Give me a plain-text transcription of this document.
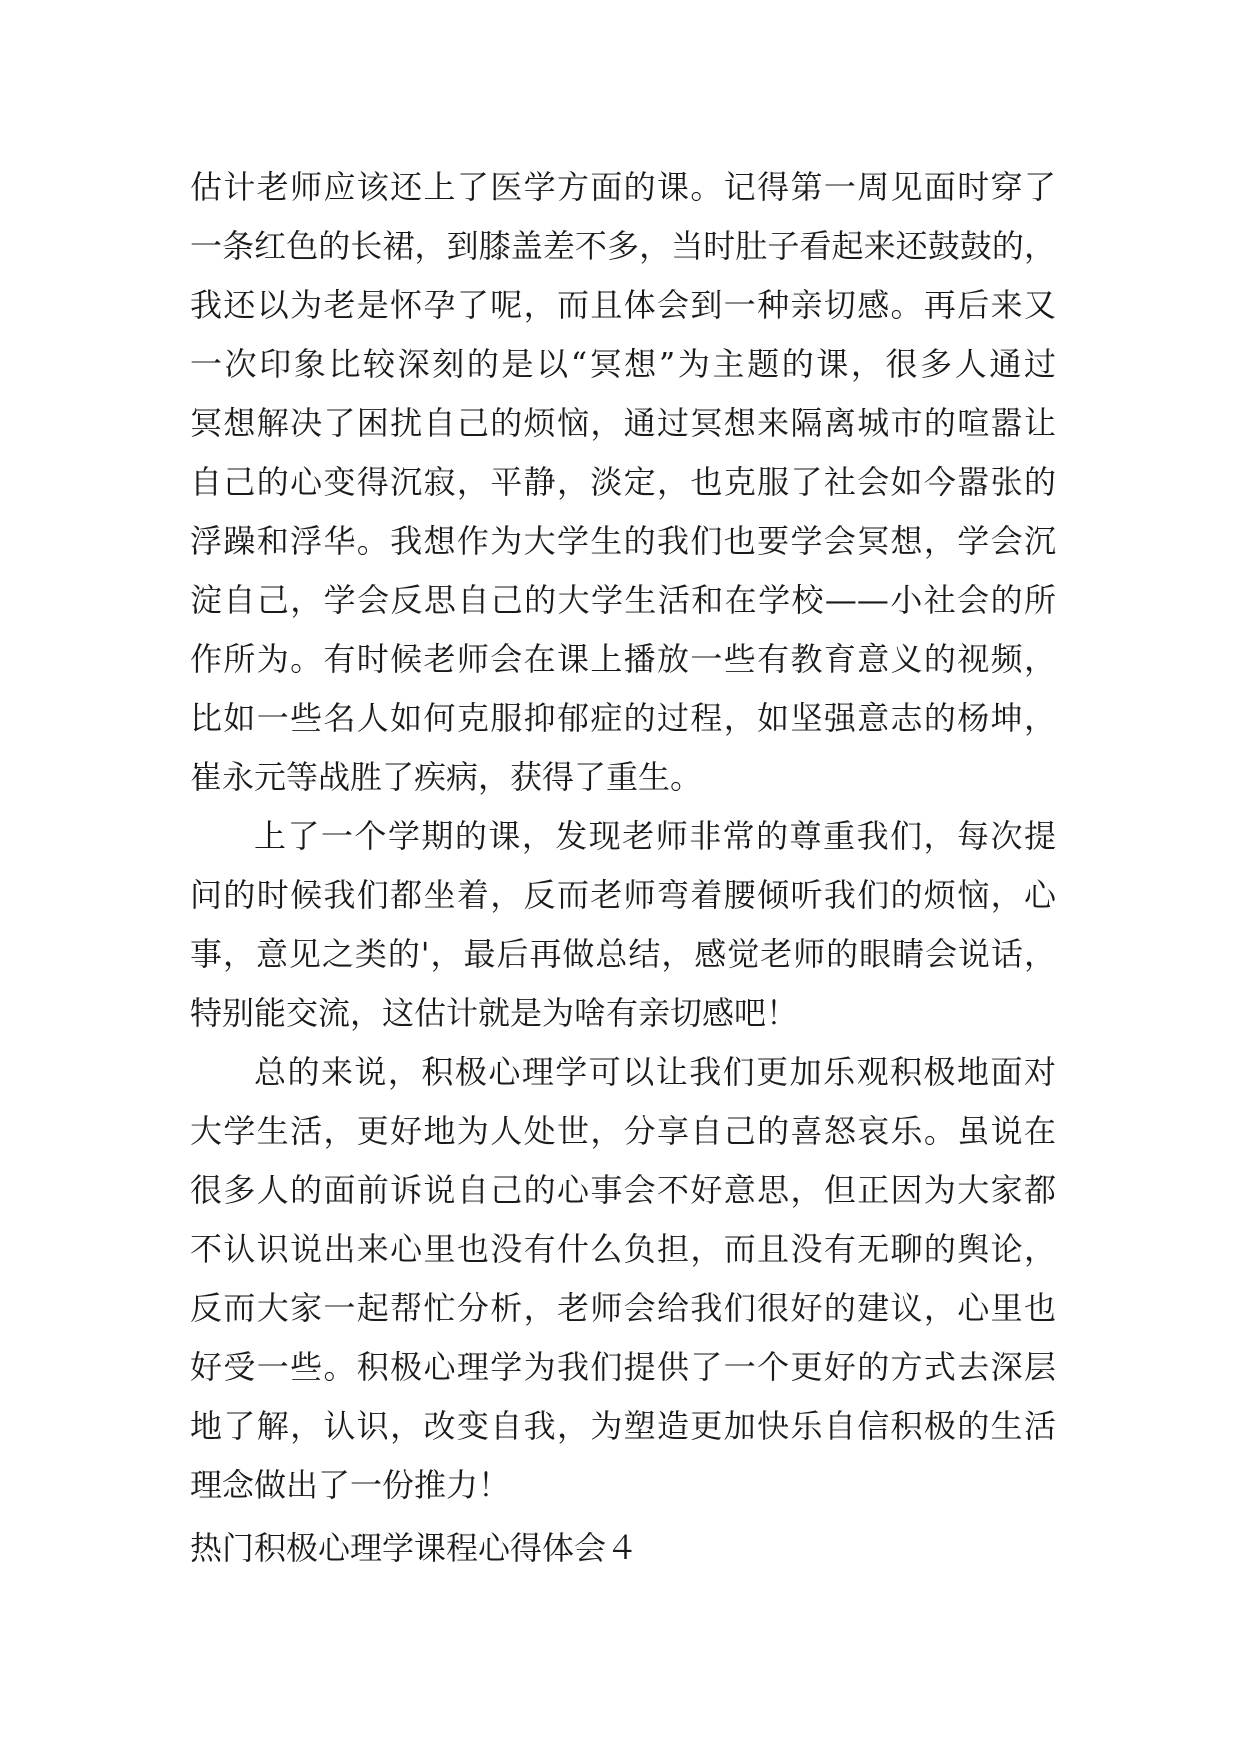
估计老师应该还上了医学方面的课。记得第一周见面时穿了
一条红色的长裙，到膝盖差不多，当时肚子看起来还鼓鼓的，
我还以为老是怀孕了呢，而且体会到一种亲切感。再后来又
一次印象比较深刻的是以“冥想”为主题的课，很多人通过
冥想解决了困扰自己的烦恼，通过冥想来隔离城市的喧嚣让
自己的心变得沉寂，平静，淡定，也克服了社会如今嚣张的
浮躁和浮华。我想作为大学生的我们也要学会冥想，学会沉
淀自己，学会反思自己的大学生活和在学校——小社会的所
作所为。有时候老师会在课上播放一些有教育意义的视频，
比如一些名人如何克服抑郁症的过程，如坚强意志的杨坤，
崔永元等战胜了疾病，获得了重生。
上了一个学期的课，发现老师非常的尊重我们，每次提
问的时候我们都坐着，反而老师弯着腰倾听我们的烦恼，心
事，意见之类的'，最后再做总结，感觉老师的眼睛会说话，
特别能交流，这估计就是为啥有亲切感吧！
总的来说，积极心理学可以让我们更加乐观积极地面对
大学生活，更好地为人处世，分享自己的喜怒哀乐。虽说在
很多人的面前诉说自己的心事会不好意思，但正因为大家都
不认识说出来心里也没有什么负担，而且没有无聊的舆论，
反而大家一起帮忙分析，老师会给我们很好的建议，心里也
好受一些。积极心理学为我们提供了一个更好的方式去深层
地了解，认识，改变自我，为塑造更加快乐自信积极的生活
理念做出了一份推力！
热门积极心理学课程心得体会４
